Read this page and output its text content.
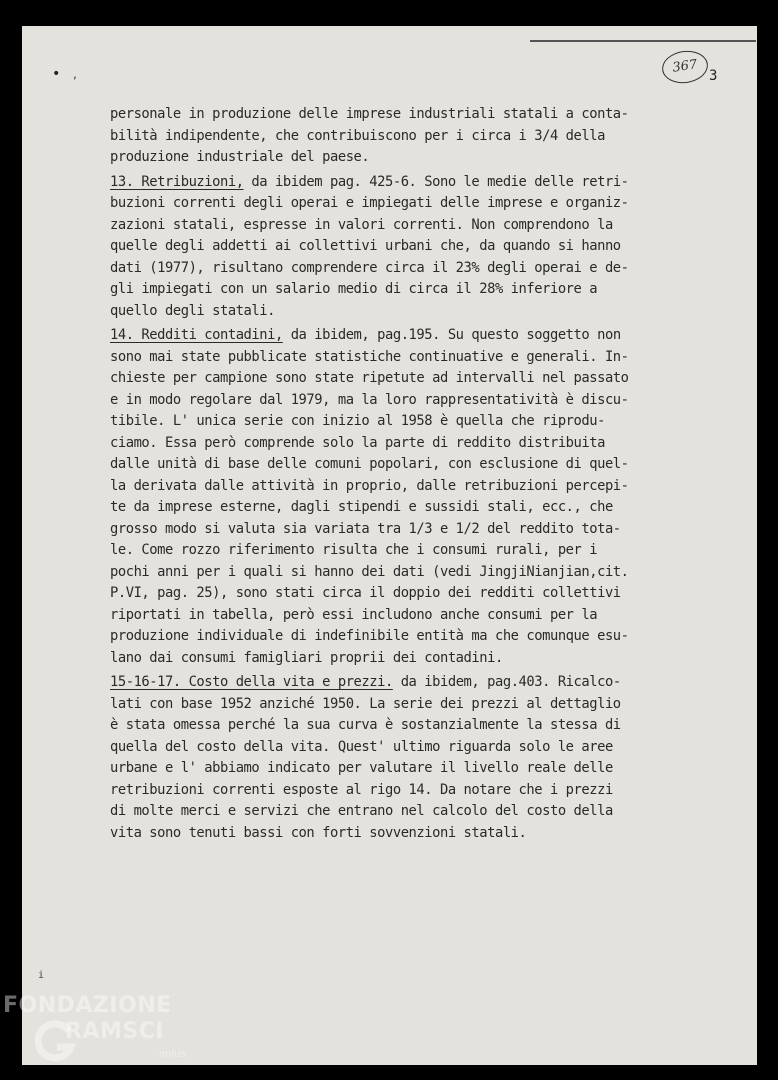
• ,	367
3
personale in produzione delle imprese industriali statali a conta-
bilità indipendente, che contribuiscono per i circa i 3/4 della
produzione industriale del paese.
13. Retribuzioni, da ibidem pag. 425-6. Sono le medie delle retri-
buzioni correnti degli operai e impiegati delle imprese e organiz-
zazioni statali, espresse in valori correnti. Non comprendono la
quelle degli addetti ai collettivi urbani che, da quando si hanno
dati (1977), risultano comprendere circa il 23% degli operai e de-
gli impiegati con un salario medio di circa il 28% inferiore a
quello degli statali.
14. Redditi contadini, da ibidem, pag.195. Su questo soggetto non
sono mai state pubblicate statistiche continuative e generali. In-
chieste per campione sono state ripetute ad intervalli nel passato
e in modo regolare dal 1979, ma la loro rappresentatività è discu-
tibile. L' unica serie con inizio al 1958 è quella che riprodu-
ciamo. Essa però comprende solo la parte di reddito distribuita
dalle unità di base delle comuni popolari, con esclusione di quel-
la derivata dalle attività in proprio, dalle retribuzioni percepi-
te da imprese esterne, dagli stipendi e sussidi stali, ecc., che
grosso modo si valuta sia variata tra 1/3 e 1/2 del reddito tota-
le. Come rozzo riferimento risulta che i consumi rurali, per i
pochi anni per i quali si hanno dei dati (vedi JingjiNianjian,cit.
P.VI, pag. 25), sono stati circa il doppio dei redditi collettivi
riportati in tabella, però essi includono anche consumi per la
produzione individuale di indefinibile entità ma che comunque esu-
lano dai consumi famigliari proprii dei contadini.
15-16-17. Costo della vita e prezzi. da ibidem, pag.403. Ricalco-
lati con base 1952 anziché 1950. La serie dei prezzi al dettaglio
è stata omessa perché la sua curva è sostanzialmente la stessa di
quella del costo della vita. Quest' ultimo riguarda solo le aree
urbane e l' abbiamo indicato per valutare il livello reale delle
retribuzioni correnti esposte al rigo 14. Da notare che i prezzi
di molte merci e servizi che entrano nel calcolo del costo della
vita sono tenuti bassi con forti sovvenzioni statali.
i
FONDAZIONE
RAMSCI
onlus
